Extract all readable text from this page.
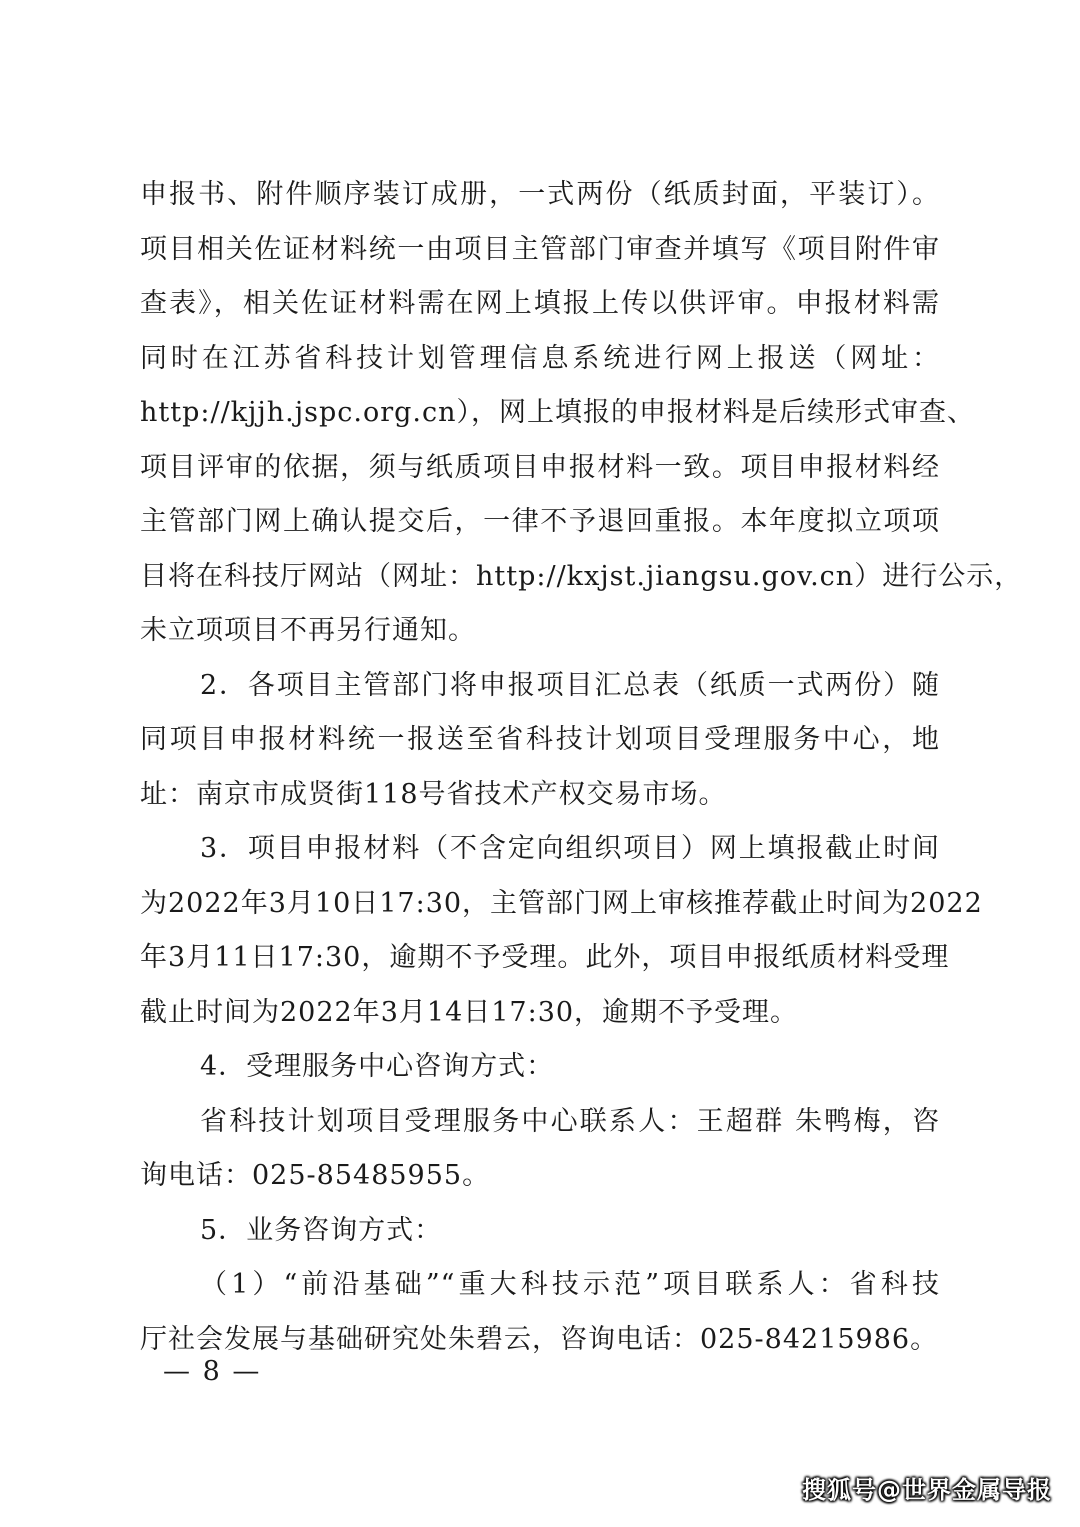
申报书、附件顺序装订成册，一式两份（纸质封面，平装订）。
项目相关佐证材料统一由项目主管部门审查并填写《项目附件审
查表》，相关佐证材料需在网上填报上传以供评审。申报材料需
同时在江苏省科技计划管理信息系统进行网上报送（网址：
http://kjjh.jspc.org.cn），网上填报的申报材料是后续形式审查、
项目评审的依据，须与纸质项目申报材料一致。项目申报材料经
主管部门网上确认提交后，一律不予退回重报。本年度拟立项项
目将在科技厅网站（网址：http://kxjst.jiangsu.gov.cn）进行公示，
未立项项目不再另行通知。
2．各项目主管部门将申报项目汇总表（纸质一式两份）随
同项目申报材料统一报送至省科技计划项目受理服务中心，地
址：南京市成贤街118号省技术产权交易市场。
3．项目申报材料（不含定向组织项目）网上填报截止时间
为2022年3月10日17:30，主管部门网上审核推荐截止时间为2022
年3月11日17:30，逾期不予受理。此外，项目申报纸质材料受理
截止时间为2022年3月14日17:30，逾期不予受理。
4．受理服务中心咨询方式：
省科技计划项目受理服务中心联系人：王超群 朱鸭梅，咨
询电话：025-85485955。
5．业务咨询方式：
（1）“前沿基础”“重大科技示范”项目联系人：省科技
厅社会发展与基础研究处朱碧云，咨询电话：025-84215986。
— 8 —
搜狐号@世界金属导报
